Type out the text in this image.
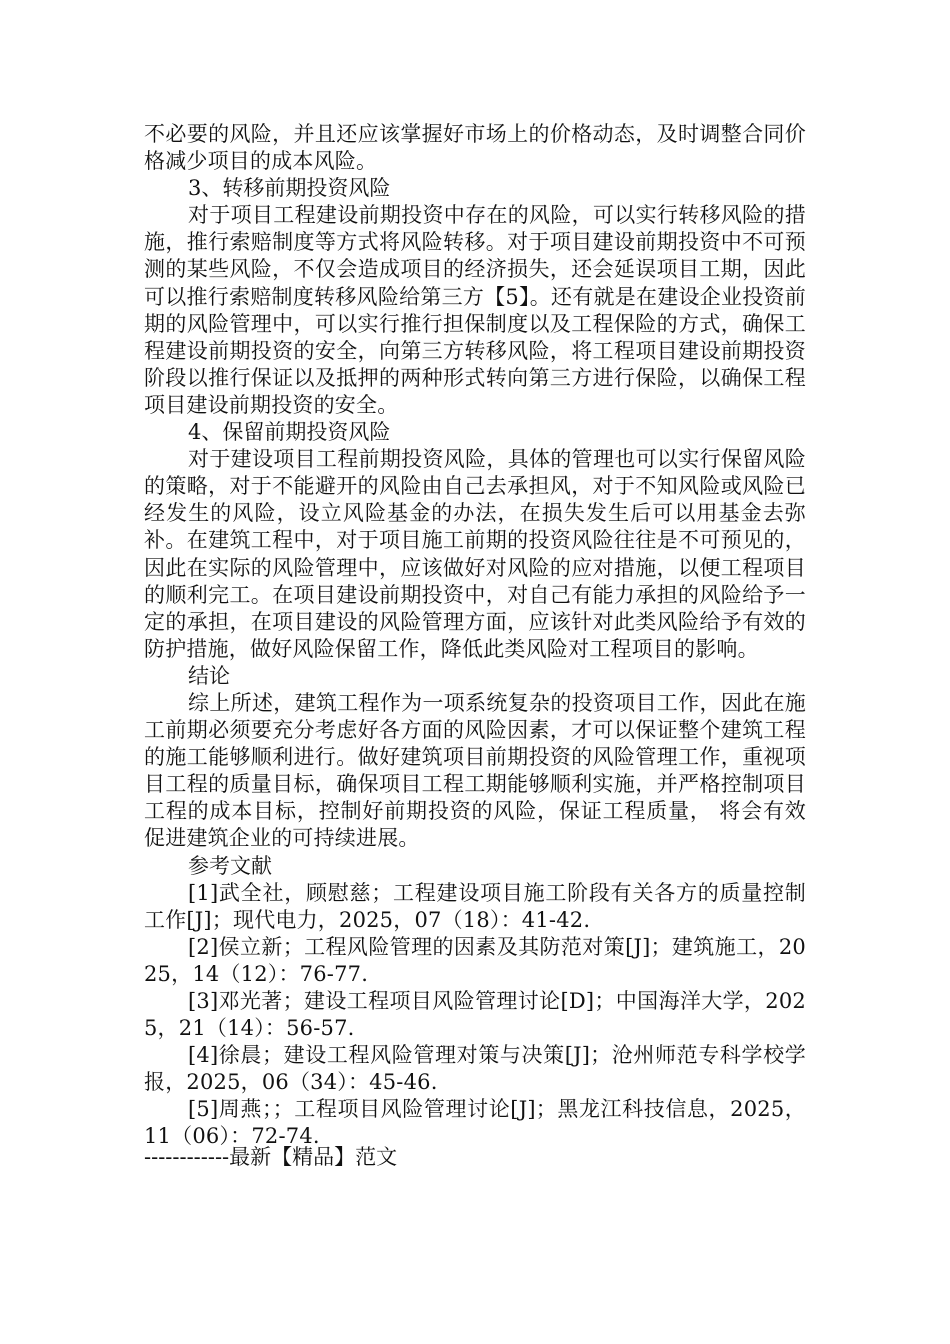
不必要的风险，并且还应该掌握好市场上的价格动态，及时调整合同价格减少项目的成本风险。

3、转移前期投资风险

对于项目工程建设前期投资中存在的风险，可以实行转移风险的措施，推行索赔制度等方式将风险转移。对于项目建设前期投资中不可预测的某些风险，不仅会造成项目的经济损失，还会延误项目工期，因此可以推行索赔制度转移风险给第三方【5】。还有就是在建设企业投资前期的风险管理中，可以实行推行担保制度以及工程保险的方式，确保工程建设前期投资的安全，向第三方转移风险，将工程项目建设前期投资阶段以推行保证以及抵押的两种形式转向第三方进行保险，以确保工程项目建设前期投资的安全。

4、保留前期投资风险

对于建设项目工程前期投资风险，具体的管理也可以实行保留风险的策略，对于不能避开的风险由自己去承担风，对于不知风险或风险已经发生的风险，设立风险基金的办法，在损失发生后可以用基金去弥补。在建筑工程中，对于项目施工前期的投资风险往往是不可预见的，因此在实际的风险管理中，应该做好对风险的应对措施，以便工程项目的顺利完工。在项目建设前期投资中，对自己有能力承担的风险给予一定的承担，在项目建设的风险管理方面，应该针对此类风险给予有效的防护措施，做好风险保留工作，降低此类风险对工程项目的影响。

结论

综上所述，建筑工程作为一项系统复杂的投资项目工作，因此在施工前期必须要充分考虑好各方面的风险因素，才可以保证整个建筑工程的施工能够顺利进行。做好建筑项目前期投资的风险管理工作，重视项目工程的质量目标，确保项目工程工期能够顺利实施，并严格控制项目工程的成本目标，控制好前期投资的风险，保证工程质量， 将会有效促进建筑企业的可持续进展。

参考文献

[1]武全社，顾慰慈；工程建设项目施工阶段有关各方的质量控制工作[J]；现代电力，2025，07（18）：41-42.

[2]侯立新；工程风险管理的因素及其防范对策[J]；建筑施工，2025，14（12）：76-77.

[3]邓光著；建设工程项目风险管理讨论[D]；中国海洋大学，2025，21（14）：56-57.

[4]徐晨；建设工程风险管理对策与决策[J]；沧州师范专科学校学报，2025，06（34）：45-46.

[5]周燕；；工程项目风险管理讨论[J]；黑龙江科技信息，2025，11（06）：72-74.

------------最新【精品】范文
